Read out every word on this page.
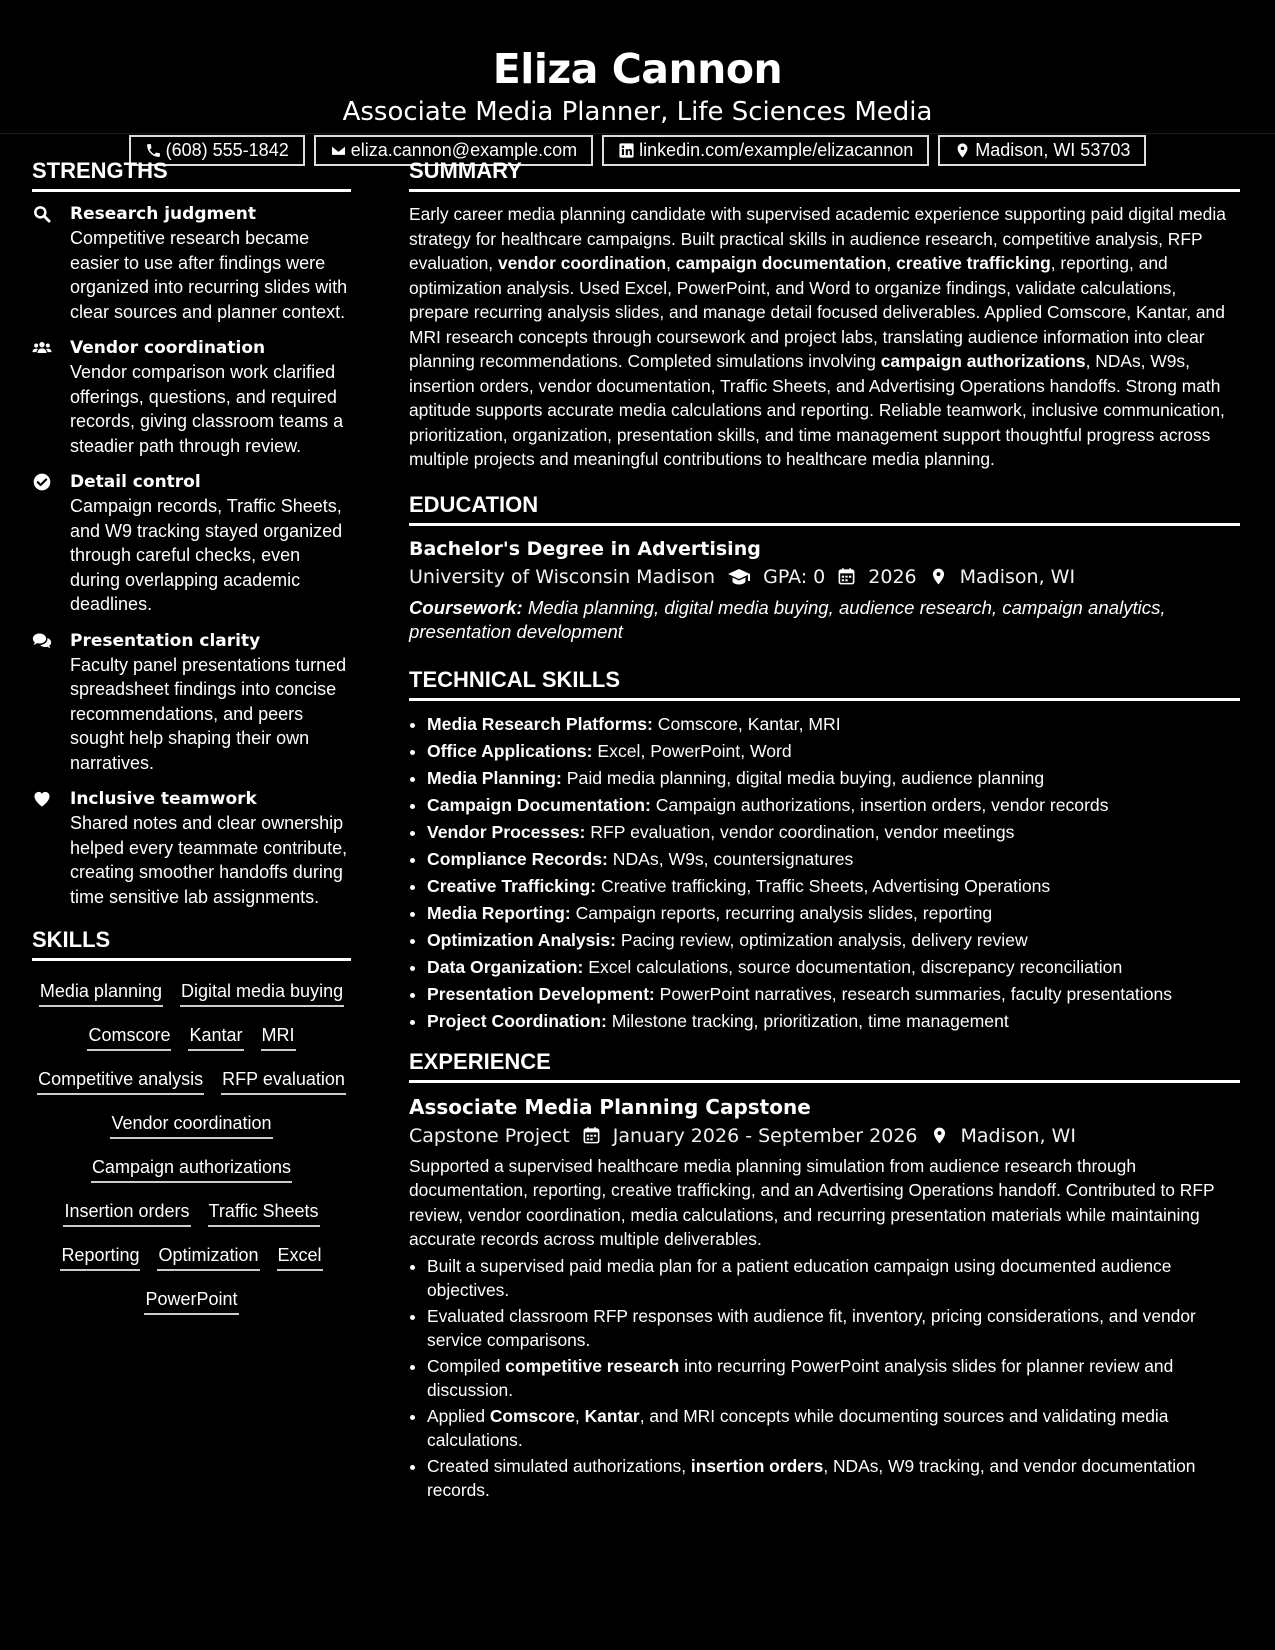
Eliza Cannon
Associate Media Planner, Life Sciences Media
(608) 555-1842	eliza.cannon@example.com	linkedin.com/example/elizacannon	Madison, WI 53703
STRENGTHS
Research judgment
Competitive research became easier to use after findings were organized into recurring slides with clear sources and planner context.
Vendor coordination
Vendor comparison work clarified offerings, questions, and required records, giving classroom teams a steadier path through review.
Detail control
Campaign records, Traffic Sheets, and W9 tracking stayed organized through careful checks, even during overlapping academic deadlines.
Presentation clarity
Faculty panel presentations turned spreadsheet findings into concise recommendations, and peers sought help shaping their own narratives.
Inclusive teamwork
Shared notes and clear ownership helped every teammate contribute, creating smoother handoffs during time sensitive lab assignments.
SKILLS
Media planning Digital media buying
Comscore Kantar MRI
Competitive analysis RFP evaluation
Vendor coordination
Campaign authorizations
Insertion orders Traffic Sheets
Reporting Optimization Excel
PowerPoint
SUMMARY

Early career media planning candidate with supervised academic experience supporting paid digital media strategy for healthcare campaigns. Built practical skills in audience research, competitive analysis, RFP evaluation, vendor coordination, campaign documentation, creative trafficking, reporting, and optimization analysis. Used Excel, PowerPoint, and Word to organize findings, validate calculations, prepare recurring analysis slides, and manage detail focused deliverables. Applied Comscore, Kantar, and MRI research concepts through coursework and project labs, translating audience information into clear planning recommendations. Completed simulations involving campaign authorizations, NDAs, W9s, insertion orders, vendor documentation, Traffic Sheets, and Advertising Operations handoffs. Strong math aptitude supports accurate media calculations and reporting. Reliable teamwork, inclusive communication, prioritization, organization, presentation skills, and time management support thoughtful progress across multiple projects and meaningful contributions to healthcare media planning.

EDUCATION
Bachelor's Degree in Advertising
University of Wisconsin Madison	GPA: 0 2026 Madison, WI
Coursework: Media planning, digital media buying, audience research, campaign analytics, presentation development
TECHNICAL SKILLS
• Media Research Platforms: Comscore, Kantar, MRI
• Office Applications: Excel, PowerPoint, Word
• Media Planning: Paid media planning, digital media buying, audience planning
• Campaign Documentation: Campaign authorizations, insertion orders, vendor records
• Vendor Processes: RFP evaluation, vendor coordination, vendor meetings
• Compliance Records: NDAs, W9s, countersignatures
• Creative Trafficking: Creative trafficking, Traffic Sheets, Advertising Operations
• Media Reporting: Campaign reports, recurring analysis slides, reporting
• Optimization Analysis: Pacing review, optimization analysis, delivery review
• Data Organization: Excel calculations, source documentation, discrepancy reconciliation
• Presentation Development: PowerPoint narratives, research summaries, faculty presentations
• Project Coordination: Milestone tracking, prioritization, time management
EXPERIENCE
Associate Media Planning Capstone
Capstone Project January 2026 - September 2026 Madison, WI

Supported a supervised healthcare media planning simulation from audience research through documentation, reporting, creative trafficking, and an Advertising Operations handoff. Contributed to RFP review, vendor coordination, media calculations, and recurring presentation materials while maintaining accurate records across multiple deliverables.

• Built a supervised paid media plan for a patient education campaign using documented audience objectives.
• Evaluated classroom RFP responses with audience fit, inventory, pricing considerations, and vendor service comparisons.
• Compiled competitive research into recurring PowerPoint analysis slides for planner review and discussion.
• Applied Comscore, Kantar, and MRI concepts while documenting sources and validating media calculations.
• Created simulated authorizations, insertion orders, NDAs, W9 tracking, and vendor documentation records.
